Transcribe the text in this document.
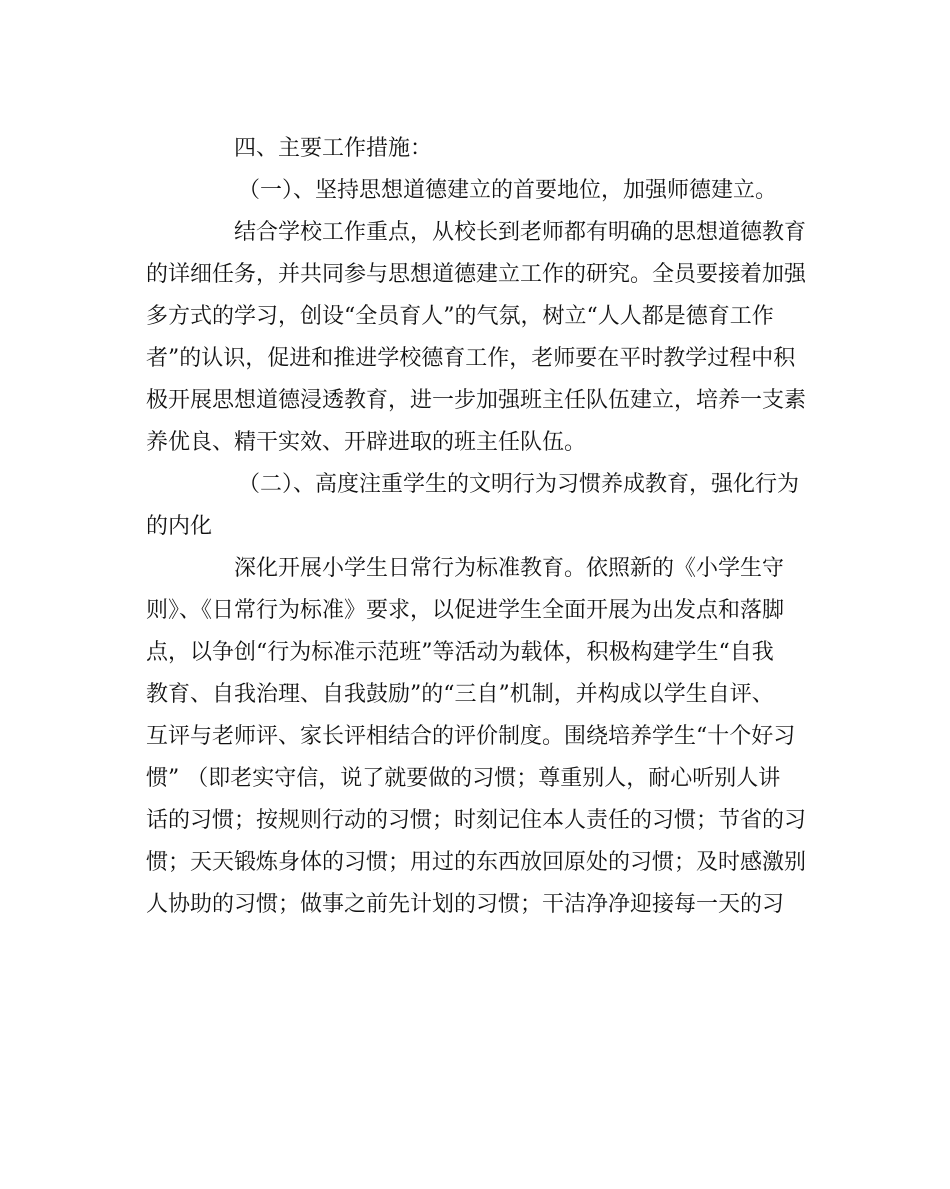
四、主要工作措施：
（一）、坚持思想道德建立的首要地位，加强师德建立。
结合学校工作重点，从校长到老师都有明确的思想道德教育
的详细任务，并共同参与思想道德建立工作的研究。全员要接着加强
多方式的学习，创设“全员育人”的气氛，树立“人人都是德育工作
者”的认识，促进和推进学校德育工作，老师要在平时教学过程中积
极开展思想道德浸透教育，进一步加强班主任队伍建立，培养一支素
养优良、精干实效、开辟进取的班主任队伍。
（二）、高度注重学生的文明行为习惯养成教育，强化行为
的内化
深化开展小学生日常行为标准教育。依照新的《小学生守
则》、《日常行为标准》要求，以促进学生全面开展为出发点和落脚
点，以争创“行为标准示范班”等活动为载体，积极构建学生“自我
教育、自我治理、自我鼓励”的“三自”机制，并构成以学生自评、
互评与老师评、家长评相结合的评价制度。围绕培养学生“十个好习
惯” （即老实守信，说了就要做的习惯；尊重别人，耐心听别人讲
话的习惯；按规则行动的习惯；时刻记住本人责任的习惯；节省的习
惯；天天锻炼身体的习惯；用过的东西放回原处的习惯；及时感激别
人协助的习惯；做事之前先计划的习惯；干洁净净迎接每一天的习
